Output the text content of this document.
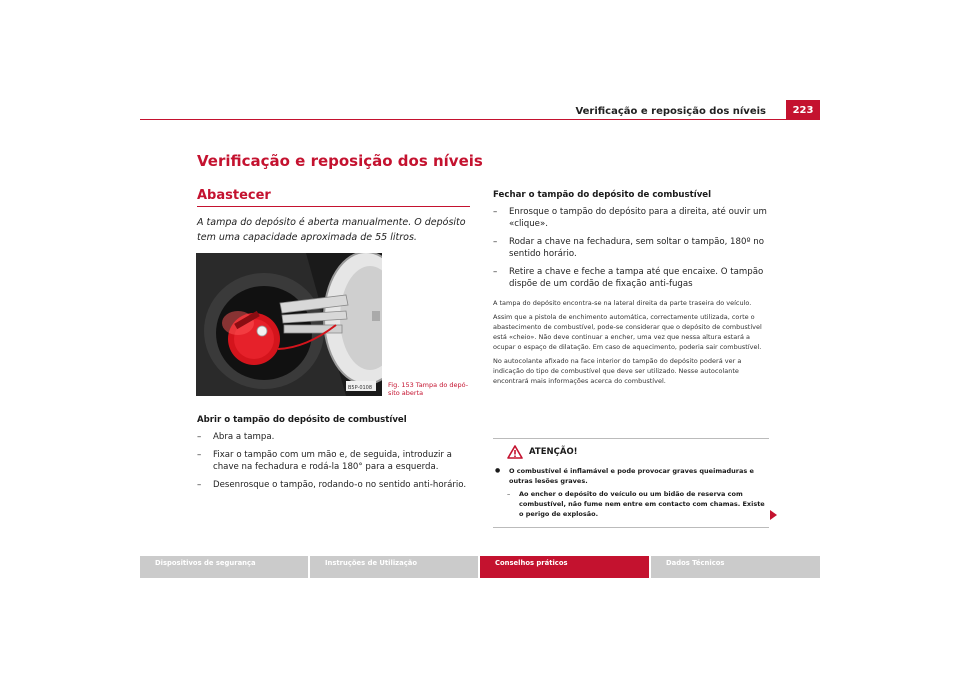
Verificação e reposição dos níveis	223
Verificação e reposição dos níveis
Abastecer
A tampa do depósito é aberta manualmente. O depósito tem uma capacidade aproximada de 55 litros.
B5P-0108 Fig. 153 Tampa do depó-sito aberta
Abrir o tampão do depósito de combustível
– Abra a tampa.
– Fixar o tampão com um mão e, de seguida, introduzir a chave na fechadura e rodá-la 180° para a esquerda.
– Desenrosque o tampão, rodando-o no sentido anti-horário.
Fechar o tampão do depósito de combustível
– Enrosque o tampão do depósito para a direita, até ouvir um «clique».
– Rodar a chave na fechadura, sem soltar o tampão, 180º no sentido horário.
– Retire a chave e feche a tampa até que encaixe. O tampão dispõe de um cordão de fixação anti-fugas

A tampa do depósito encontra-se na lateral direita da parte traseira do veículo.

Assim que a pistola de enchimento automática, correctamente utilizada, corte o abastecimento de combustível, pode-se considerar que o depósito de combustível está «cheio». Não deve continuar a encher, uma vez que nessa altura estará a ocupar o espaço de dilatação. Em caso de aquecimento, poderia sair combustível.

No autocolante afixado na face interior do tampão do depósito poderá ver a indicação do tipo de combustível que deve ser utilizado. Nesse autocolante encontrará mais informações acerca do combustível.

ATENÇÃO!
● O combustível é inflamável e pode provocar graves queimaduras e outras lesões graves.
– Ao encher o depósito do veículo ou um bidão de reserva com combustível, não fume nem entre em contacto com chamas. Existe o perigo de explosão.
Dispositivos de segurança	Instruções de Utilização	Conselhos práticos	Dados Técnicos
